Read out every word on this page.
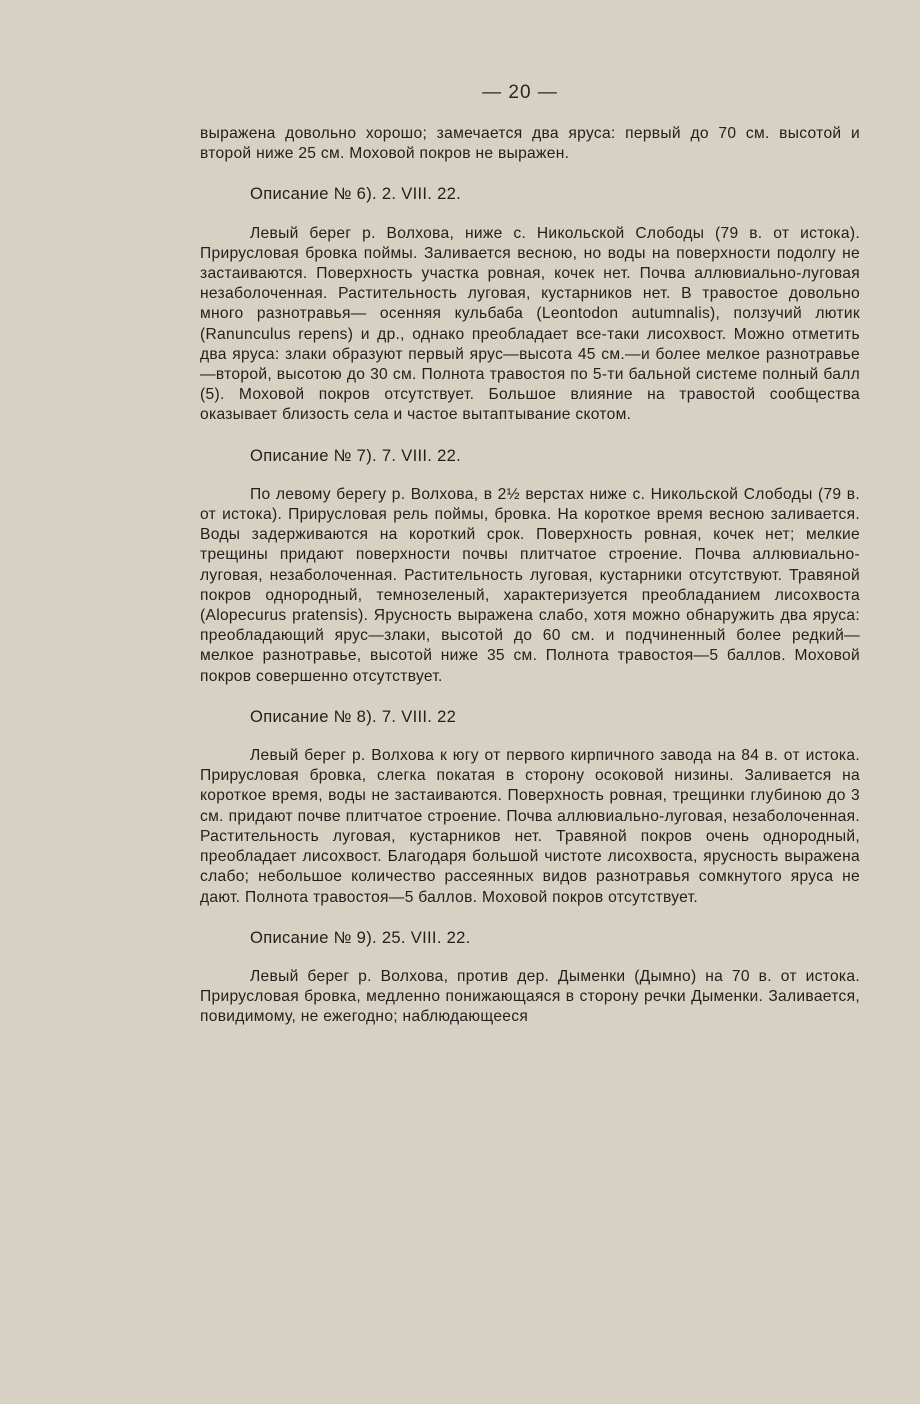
— 20 —

выражена довольно хорошо; замечается два яруса: первый до 70 см. высотой и второй ниже 25 см. Моховой покров не выражен.

Описание № 6). 2. VIII. 22.

Левый берег р. Волхова, ниже с. Никольской Слободы (79 в. от истока). Прирусловая бровка поймы. Заливается весною, но воды на поверхности подолгу не застаиваются. Поверхность участка ровная, кочек нет. Почва аллювиально-луговая незаболоченная. Растительность луговая, кустарников нет. В травостое довольно много разнотравья— осенняя кульбаба (Leontodon autumnalis), ползучий лютик (Ranunculus repens) и др., однако преобладает все-таки лисохвост. Можно отметить два яруса: злаки образуют первый ярус—высота 45 см.—и более мелкое разнотравье—второй, высотою до 30 см. Полнота травостоя по 5-ти бальной системе полный балл (5). Моховой покров отсутствует. Большое влияние на травостой сообщества оказывает близость села и частое вытаптывание скотом.

Описание № 7). 7. VIII. 22.

По левому берегу р. Волхова, в 2½ верстах ниже с. Никольской Слободы (79 в. от истока). Прирусловая рель поймы, бровка. На короткое время весною заливается. Воды задерживаются на короткий срок. Поверхность ровная, кочек нет; мелкие трещины придают поверхности почвы плитчатое строение. Почва аллювиально-луговая, незаболоченная. Растительность луговая, кустарники отсутствуют. Травяной покров однородный, темнозеленый, характеризуется преобладанием лисохвоста (Alopecurus pratensis). Ярусность выражена слабо, хотя можно обнаружить два яруса: преобладающий ярус—злаки, высотой до 60 см. и подчиненный более редкий—мелкое разнотравье, высотой ниже 35 см. Полнота травостоя—5 баллов. Моховой покров совершенно отсутствует.

Описание № 8). 7. VIII. 22

Левый берег р. Волхова к югу от первого кирпичного завода на 84 в. от истока. Прирусловая бровка, слегка покатая в сторону осоковой низины. Заливается на короткое время, воды не застаиваются. Поверхность ровная, трещинки глубиною до 3 см. придают почве плитчатое строение. Почва аллювиально-луговая, незаболоченная. Растительность луговая, кустарников нет. Травяной покров очень однородный, преобладает лисохвост. Благодаря большой чистоте лисохвоста, ярусность выражена слабо; небольшое количество рассеянных видов разнотравья сомкнутого яруса не дают. Полнота травостоя—5 баллов. Моховой покров отсутствует.

Описание № 9). 25. VIII. 22.

Левый берег р. Волхова, против дер. Дыменки (Дымно) на 70 в. от истока. Прирусловая бровка, медленно понижающаяся в сторону речки Дыменки. Заливается, повидимому, не ежегодно; наблюдающееся
